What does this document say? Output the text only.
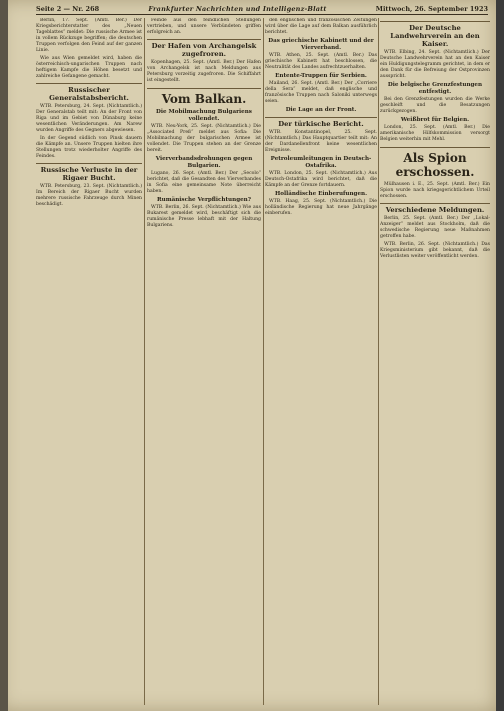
Seite 2 — Nr. 268	Frankfurter Nachrichten und Intelligenz-Blatt	Mittwoch, 26. September 1923
Berlin, 17. Sept. (Amtl. Ber.) Der Kriegsberichterstatter des „Neuen Tageblattes“ meldet: Die russische Armee ist in vollem Rückzuge begriffen; die deutschen Truppen verfolgen den Feind auf der ganzen Linie.
Wie aus Wien gemeldet wird, haben die österreichisch-ungarischen Truppen nach heftigem Kampfe die Höhen besetzt und zahlreiche Gefangene gemacht.
Russischer Generalstabsbericht.
WTB. Petersburg, 24. Sept. (Nichtamtlich.) Der Generalstab teilt mit: An der Front von Riga und im Gebiet von Dünaburg keine wesentlichen Veränderungen. Am Narew wurden Angriffe des Gegners abgewiesen.
In der Gegend südlich von Pinsk dauern die Kämpfe an. Unsere Truppen hielten ihre Stellungen trotz wiederholter Angriffe des Feindes.
Russische Verluste in der Rigaer Bucht.
WTB. Petersburg, 23. Sept. (Nichtamtlich.) Im Bereich der Rigaer Bucht wurden mehrere russische Fahrzeuge durch Minen beschädigt.
Feinde aus den feindlichen Stellungen vertrieben, und unsere Verbündeten griffen erfolgreich an.
Der Hafen von Archangelsk zugefroren.
Kopenhagen, 25. Sept. (Amtl. Ber.) Der Hafen von Archangelsk ist nach Meldungen aus Petersburg vorzeitig zugefroren. Die Schiffahrt ist eingestellt.
Vom Balkan.
Die Mobilmachung Bulgariens vollendet.
WTB. Neu-York, 25. Sept. (Nichtamtlich.) Die „Associated Preß“ meldet aus Sofia: Die Mobilmachung der bulgarischen Armee ist vollendet. Die Truppen stehen an der Grenze bereit.
Vierverbandsdrohungen gegen Bulgarien.
Lugano, 26. Sept. (Amtl. Ber.) Der „Secolo“ berichtet, daß die Gesandten des Vierverbandes in Sofia eine gemeinsame Note überreicht haben.
Rumänische Verpflichtungen?
WTB. Berlin, 26. Sept. (Nichtamtlich.) Wie aus Bukarest gemeldet wird, beschäftigt sich die rumänische Presse lebhaft mit der Haltung Bulgariens.
den englischen und französischen Zeitungen wird über die Lage auf dem Balkan ausführlich berichtet.
Das griechische Kabinett und der Vierverband.
WTB. Athen, 25. Sept. (Amtl. Ber.) Das griechische Kabinett hat beschlossen, die Neutralität des Landes aufrechtzuerhalten.
Entente-Truppen für Serbien.
Mailand, 26. Sept. (Amtl. Ber.) Der „Corriere della Sera“ meldet, daß englische und französische Truppen nach Saloniki unterwegs seien.
Die Lage an der Front.
Der türkische Bericht.
WTB. Konstantinopel, 25. Sept. (Nichtamtlich.) Das Hauptquartier teilt mit: An der Dardanellenfront keine wesentlichen Ereignisse.
Petroleumleitungen in Deutsch-Ostafrika.
WTB. London, 25. Sept. (Nichtamtlich.) Aus Deutsch-Ostafrika wird berichtet, daß die Kämpfe an der Grenze fortdauern.
Holländische Einberufungen.
WTB. Haag, 25. Sept. (Nichtamtlich.) Die holländische Regierung hat neue Jahrgänge einberufen.
Der Deutsche Landwehrverein an den Kaiser.
WTB. Elbing, 24. Sept. (Nichtamtlich.) Der Deutsche Landwehrverein hat an den Kaiser ein Huldigungstelegramm gerichtet, in dem er den Dank für die Befreiung der Ostprovinzen ausspricht.
Die belgische Grenzfestungen entfestigt.
Bei den Grenzfestungen wurden die Werke geschleift und die Besatzungen zurückgezogen.
Weißbrot für Belgien.
London, 25. Sept. (Amtl. Ber.) Die amerikanische Hilfskommission versorgt Belgien weiterhin mit Mehl.
Als Spion erschossen.
Mülhausen i. E., 25. Sept. (Amtl. Ber.) Ein Spion wurde nach kriegsgerichtlichem Urteil erschossen.
Verschiedene Meldungen.
Berlin, 25. Sept. (Amtl. Ber.) Der „Lokal-Anzeiger“ meldet aus Stockholm, daß die schwedische Regierung neue Maßnahmen getroffen habe.
WTB. Berlin, 26. Sept. (Nichtamtlich.) Das Kriegsministerium gibt bekannt, daß die Verlustlisten weiter veröffentlicht werden.
